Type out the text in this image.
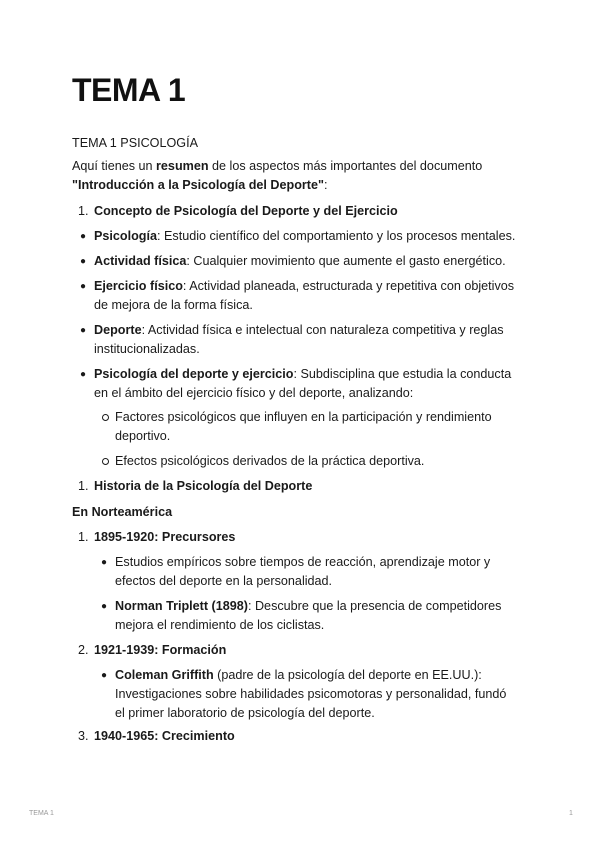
TEMA 1
TEMA 1 PSICOLOGÍA
Aquí tienes un resumen de los aspectos más importantes del documento
"Introducción a la Psicología del Deporte":
1. Concepto de Psicología del Deporte y del Ejercicio
● Psicología: Estudio científico del comportamiento y los procesos mentales.
● Actividad física: Cualquier movimiento que aumente el gasto energético.
● Ejercicio físico: Actividad planeada, estructurada y repetitiva con objetivos
de mejora de la forma física.
● Deporte: Actividad física e intelectual con naturaleza competitiva y reglas
institucionalizadas.
● Psicología del deporte y ejercicio: Subdisciplina que estudia la conducta
en el ámbito del ejercicio físico y del deporte, analizando:
Factores psicológicos que influyen en la participación y rendimiento
deportivo.
Efectos psicológicos derivados de la práctica deportiva.
1. Historia de la Psicología del Deporte
En Norteamérica
1. 1895-1920: Precursores
● Estudios empíricos sobre tiempos de reacción, aprendizaje motor y
efectos del deporte en la personalidad.
● Norman Triplett (1898): Descubre que la presencia de competidores
mejora el rendimiento de los ciclistas.
2. 1921-1939: Formación
● Coleman Griffith (padre de la psicología del deporte en EE.UU.):
Investigaciones sobre habilidades psicomotoras y personalidad, fundó
el primer laboratorio de psicología del deporte.
3. 1940-1965: Crecimiento
TEMA 1	1
